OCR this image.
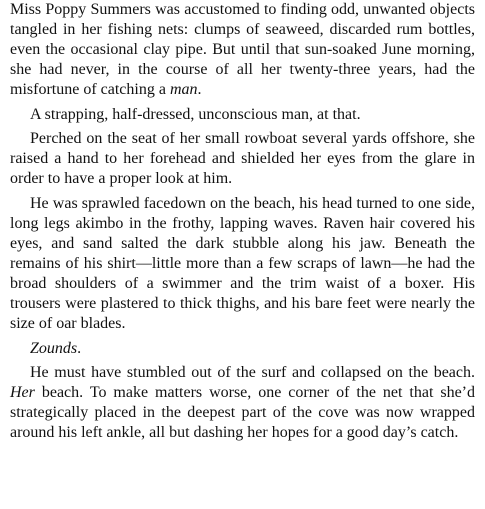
Miss Poppy Summers was accustomed to finding odd, unwanted objects tangled in her fishing nets: clumps of seaweed, discarded rum bottles, even the occasional clay pipe. But until that sun-soaked June morning, she had never, in the course of all her twenty-three years, had the misfortune of catching a man.

A strapping, half-dressed, unconscious man, at that.

Perched on the seat of her small rowboat several yards offshore, she raised a hand to her forehead and shielded her eyes from the glare in order to have a proper look at him.

He was sprawled facedown on the beach, his head turned to one side, long legs akimbo in the frothy, lapping waves. Raven hair covered his eyes, and sand salted the dark stubble along his jaw. Beneath the remains of his shirt—little more than a few scraps of lawn—he had the broad shoulders of a swimmer and the trim waist of a boxer. His trousers were plastered to thick thighs, and his bare feet were nearly the size of oar blades.

Zounds.

He must have stumbled out of the surf and collapsed on the beach. Her beach. To make matters worse, one corner of the net that she’d strategically placed in the deepest part of the cove was now wrapped around his left ankle, all but dashing her hopes for a good day’s catch.
